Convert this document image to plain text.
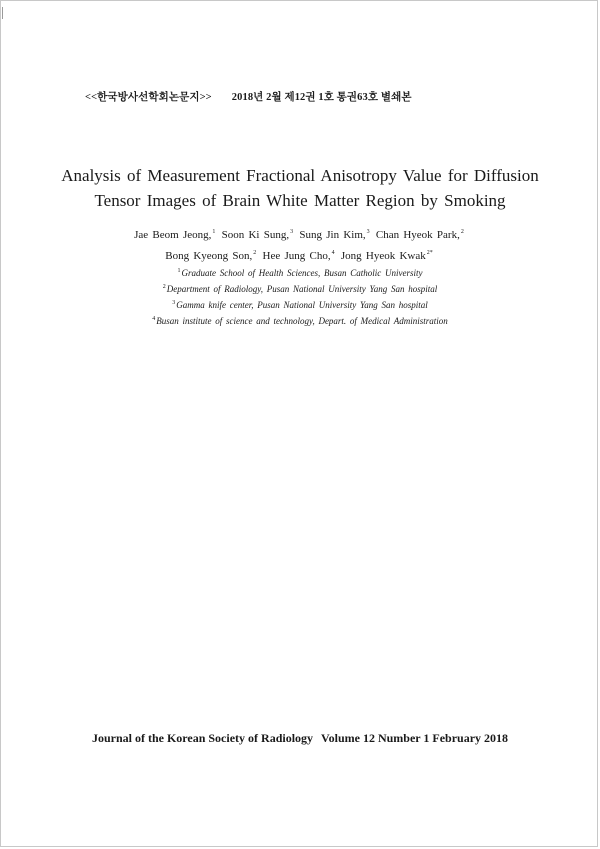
<<한국방사선학회논문지>> 2018년 2월 제12권 1호 통권63호 별쇄본
Analysis of Measurement Fractional Anisotropy Value for Diffusion
Tensor Images of Brain White Matter Region by Smoking
Jae Beom Jeong,$^1$ Soon Ki Sung,$^3$ Sung Jin Kim,$^3$ Chan Hyeok Park,$^2$
Bong Kyeong Son,$^2$ Hee Jung Cho,$^4$ Jong Hyeok Kwak$^{2*}$
$^1$Graduate School of Health Sciences, Busan Catholic University
$^2$Department of Radiology, Pusan National University Yang San hospital
$^3$Gamma knife center, Pusan National University Yang San hospital
$^4$Busan institute of science and technology, Depart. of Medical Administration
Journal of the Korean Society of Radiology Volume 12 Number 1 February 2018
